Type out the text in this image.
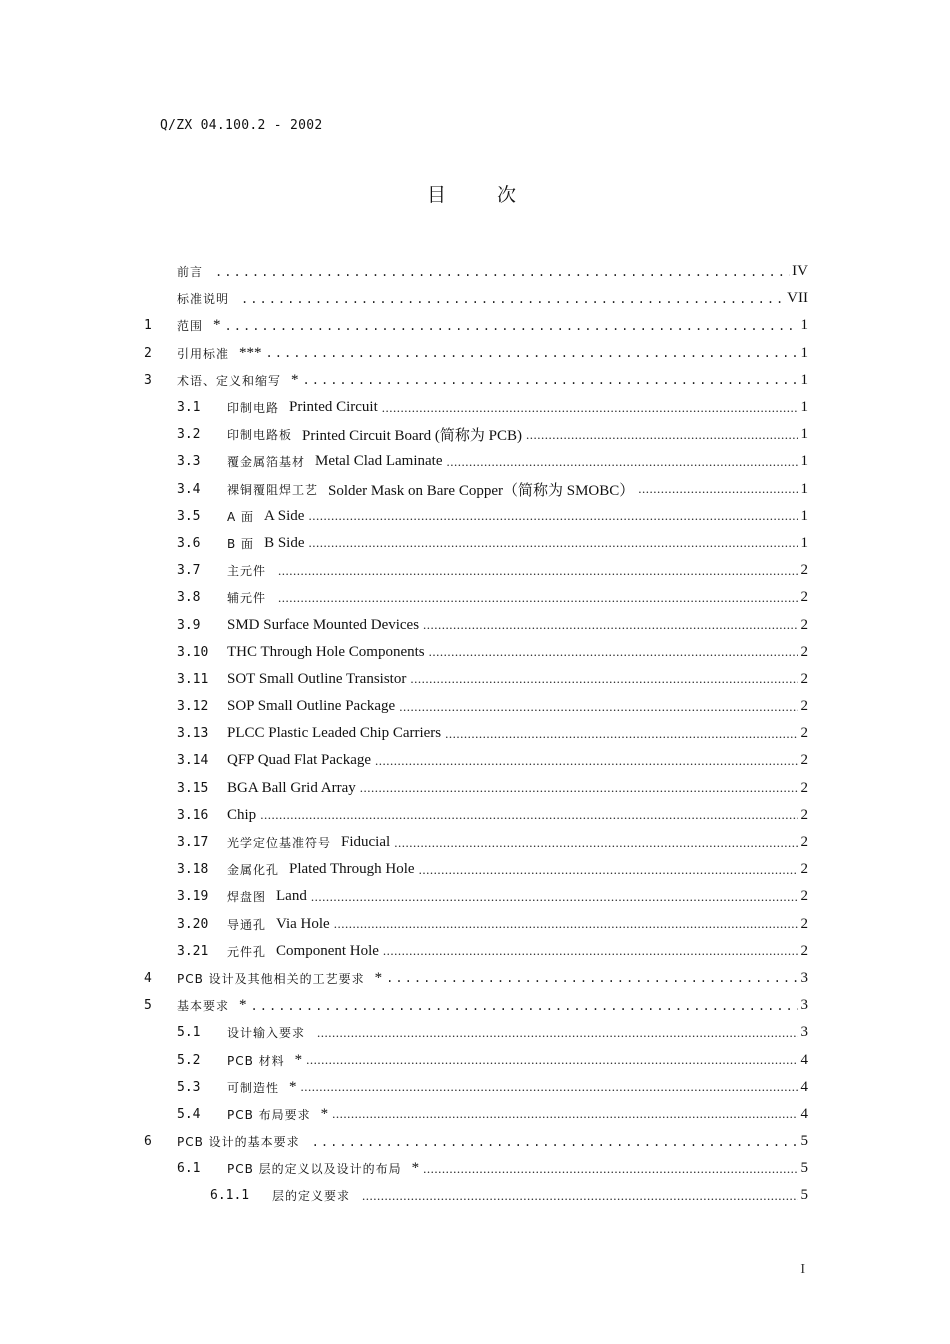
Q/ZX 04.100.2 - 2002
目	次
前言 .....	IV
标准说明 .....	VII
1	范围 * .....	1
2	引用标准 *** .....	1
3	术语、定义和缩写 * .....	1
3.1	印制电路 Printed Circuit .....	1
3.2	印制电路板 Printed Circuit Board (简称为 PCB) .....	1
3.3	覆金属箔基材 Metal Clad Laminate .....	1
3.4	裸铜覆阻焊工艺 Solder Mask on Bare Copper（简称为 SMOBC） .....	1
3.5	A 面 A Side .....	1
3.6	B 面 B Side .....	1
3.7	主元件 .....	2
3.8	辅元件 .....	2
3.9	SMD Surface Mounted Devices .....	2
3.10	THC Through Hole Components .....	2
3.11	SOT Small Outline Transistor .....	2
3.12	SOP Small Outline Package .....	2
3.13	PLCC Plastic Leaded Chip Carriers .....	2
3.14	QFP Quad Flat Package .....	2
3.15	BGA Ball Grid Array .....	2
3.16	Chip .....	2
3.17	光学定位基准符号 Fiducial .....	2
3.18	金属化孔 Plated Through Hole .....	2
3.19	焊盘图 Land .....	2
3.20	导通孔 Via Hole .....	2
3.21	元件孔 Component Hole .....	2
4	PCB 设计及其他相关的工艺要求 * .....	3
5	基本要求 * .....	3
5.1	设计输入要求 .....	3
5.2	PCB 材料 * .....	4
5.3	可制造性 * .....	4
5.4	PCB 布局要求 * .....	4
6	PCB 设计的基本要求 .....	5
6.1	PCB 层的定义以及设计的布局 * .....	5
6.1.1	层的定义要求 .....	5
I
